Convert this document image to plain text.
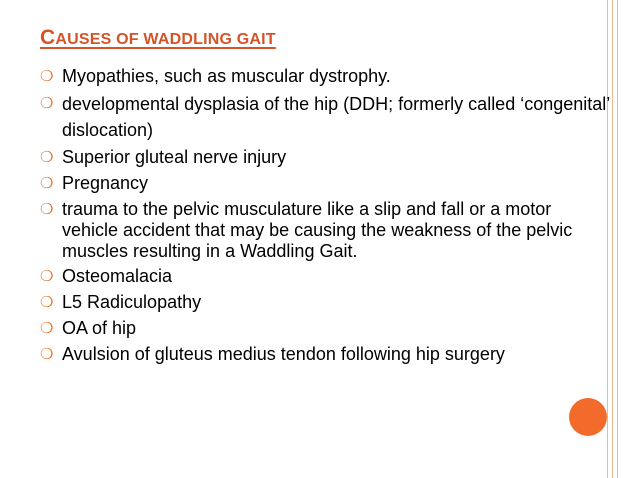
CAUSES OF WADDLING GAIT
❍ Myopathies, such as muscular dystrophy.
❍ developmental dysplasia of the hip (DDH; formerly called ‘congenital’ dislocation)
❍ Superior gluteal nerve injury
❍ Pregnancy
❍ trauma to the pelvic musculature like a slip and fall or a motor vehicle accident that may be causing the weakness of the pelvic muscles resulting in a Waddling Gait.
❍ Osteomalacia
❍ L5 Radiculopathy
❍ OA of hip
❍ Avulsion of gluteus medius tendon following hip surgery
